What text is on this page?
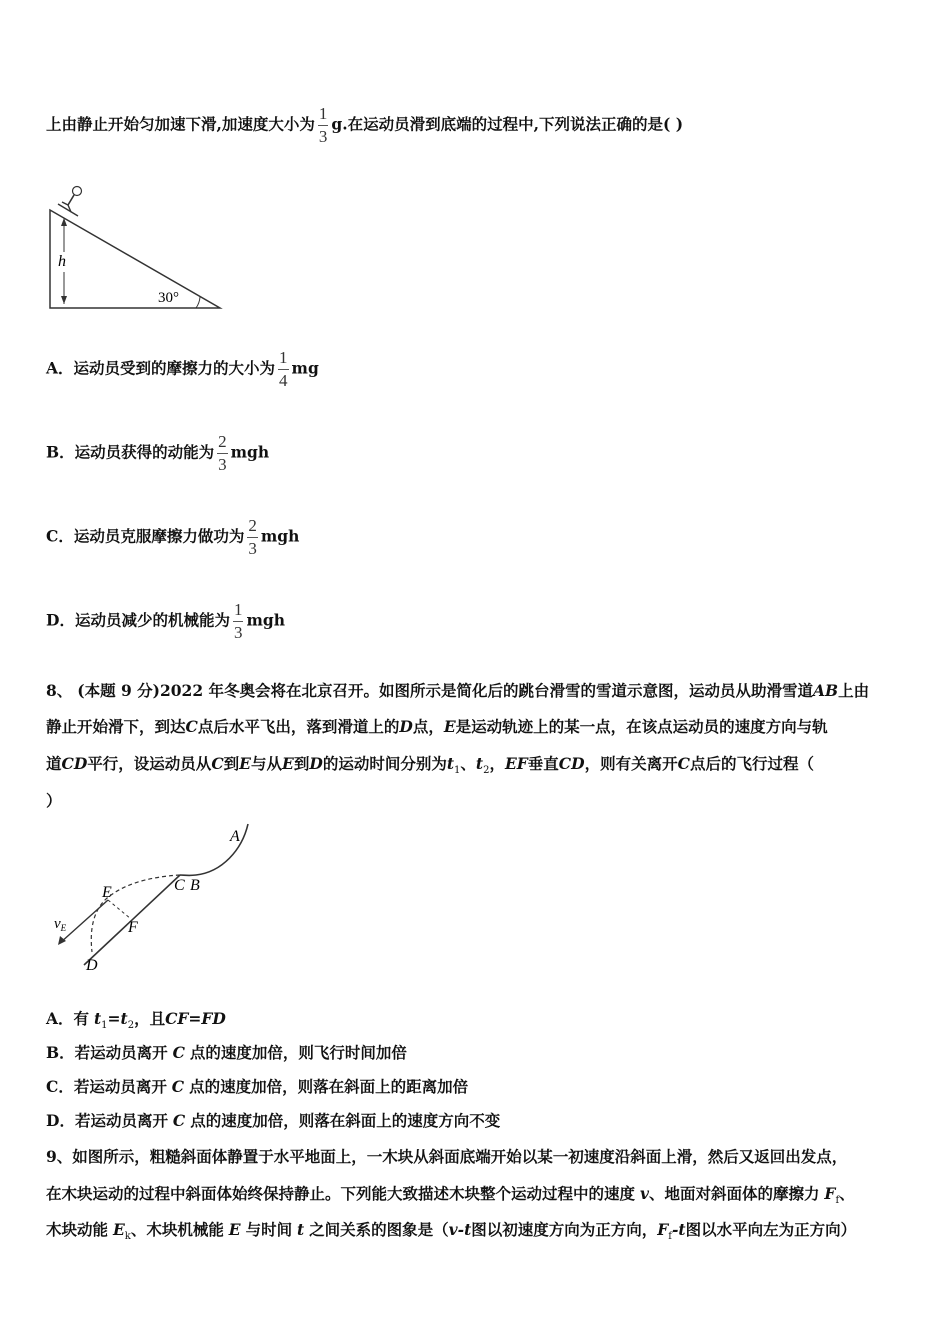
上由静止开始匀加速下滑,加速度大小为 $\frac{1}{3} g$.在运动员滑到底端的过程中,下列说法正确的是( )
h
30°
A．运动员受到的摩擦力的大小为 $\frac{1}{4}$ mg
B．运动员获得的动能为 $\frac{2}{3}$ mgh
C．运动员克服摩擦力做功为 $\frac{2}{3}$ mgh
D．运动员减少的机械能为 $\frac{1}{3}$ mgh
8、 (本题 9 分)2022 年冬奥会将在北京召开。如图所示是简化后的跳台滑雪的雪道示意图，运动员从助滑雪道AB上由
静止开始滑下，到达C点后水平飞出，落到滑道上的D点，E是运动轨迹上的某一点，在该点运动员的速度方向与轨
道CD平行，设运动员从C到E与从E到D的运动时间分别为$t_1$、$t_2$，EF垂直CD，则有关离开C点后的飞行过程（
）
A
C B
E
F
D
$v_E$
A．有 $t_1=t_2$，且CF=FD
B．若运动员离开 C 点的速度加倍，则飞行时间加倍
C．若运动员离开 C 点的速度加倍，则落在斜面上的距离加倍
D．若运动员离开 C 点的速度加倍，则落在斜面上的速度方向不变
9、如图所示，粗糙斜面体静置于水平地面上，一木块从斜面底端开始以某一初速度沿斜面上滑，然后又返回出发点，
在木块运动的过程中斜面体始终保持静止。下列能大致描述木块整个运动过程中的速度 v、地面对斜面体的摩擦力 $F_f$、
木块动能 $E_k$、木块机械能 E 与时间 t 之间关系的图象是（v-t图以初速度方向为正方向，$F_f-t$图以水平向左为正方向）
